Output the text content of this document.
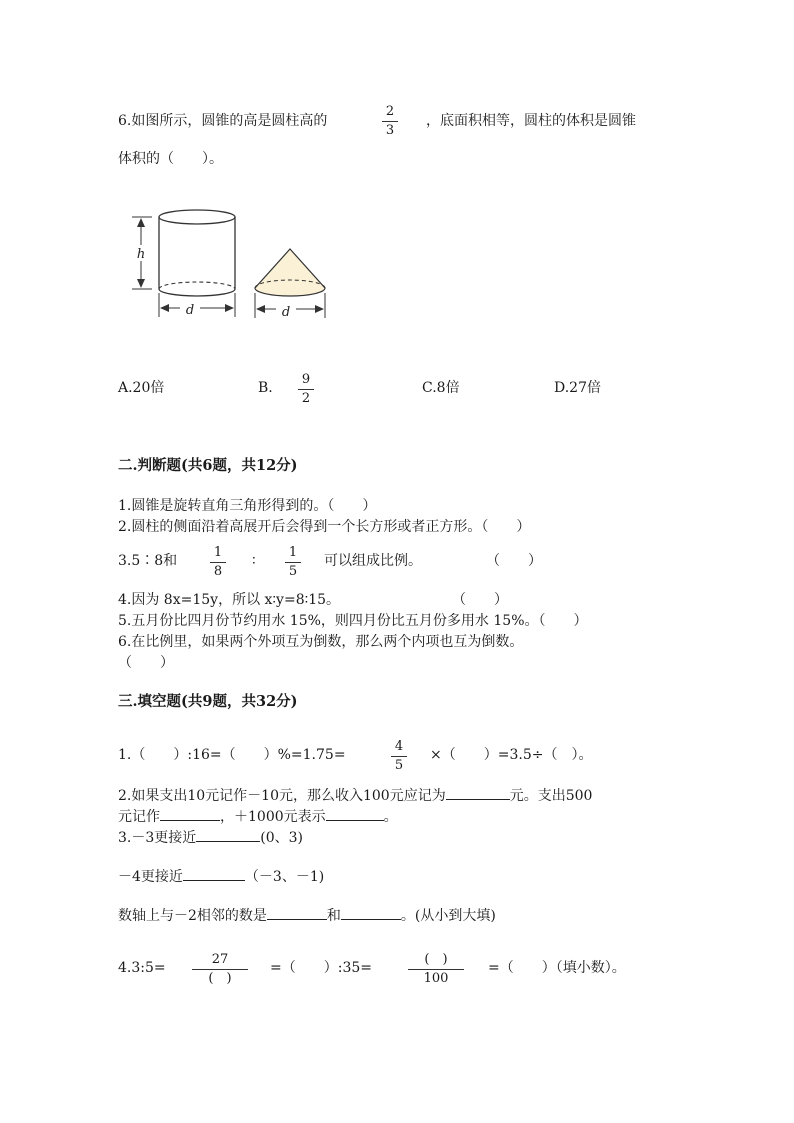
6.如图所示，圆锥的高是圆柱高的
2
3
，底面积相等，圆柱的体积是圆锥
体积的（　　）。
h
d	d
A.20倍	B.
9
2
C.8倍	D.27倍
二.判断题(共6题，共12分)
1.圆锥是旋转直角三角形得到的。（　　）
2.圆柱的侧面沿着高展开后会得到一个长方形或者正方形。（　　）
3.5∶8和
1
8
∶
1
5
可以组成比例。	（　　）
4.因为 8x=15y，所以 x∶y=8∶15。	（　　）
5.五月份比四月份节约用水 15%，则四月份比五月份多用水 15%。（　　）
6.在比例里，如果两个外项互为倒数，那么两个内项也互为倒数。
（　　）
三.填空题(共9题，共32分)
1.（　　）:16=（　　）%=1.75=
4
5
×（　　）=3.5÷（　）。
2.如果支出10元记作－10元，那么收入100元应记为	元。支出500
元记作	，＋1000元表示	。
3.－3更接近	(0、3)
－4更接近	（－3、－1)
数轴上与－2相邻的数是	和	。(从小到大填)
4.3:5=
27
(　)
=（　　）:35=
(　)
100
=（　　）（填小数）。
